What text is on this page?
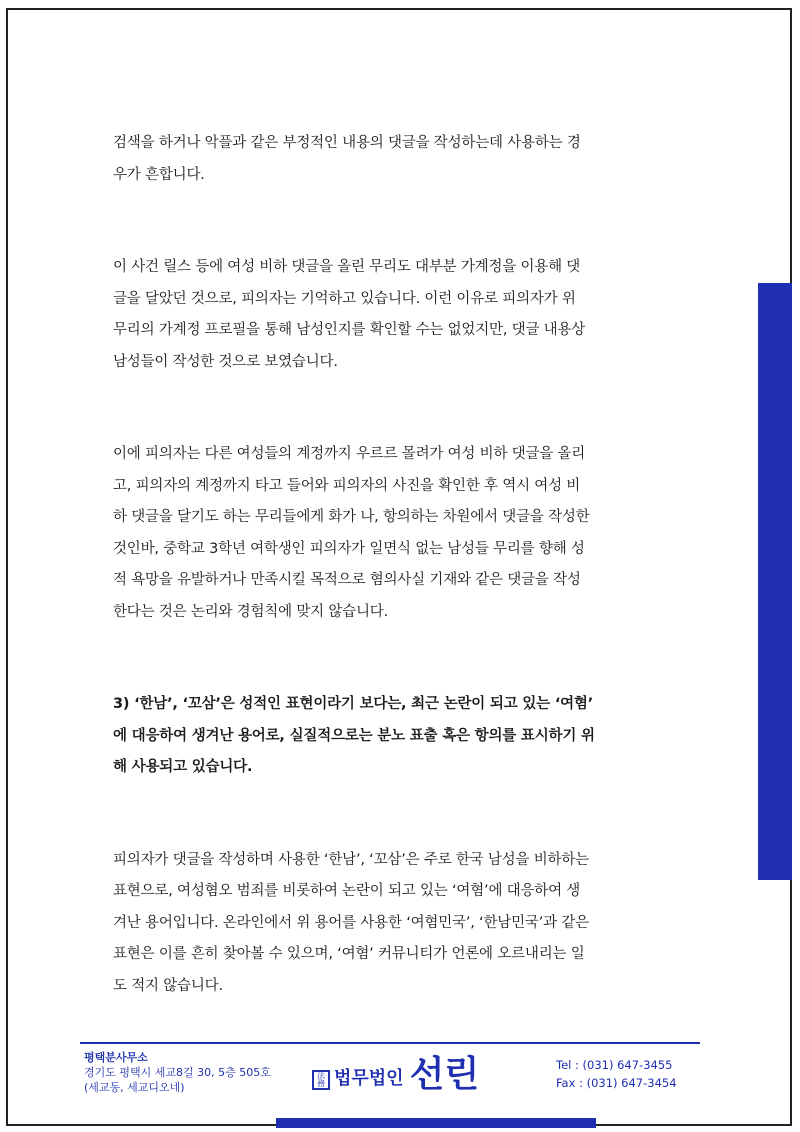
검색을 하거나 악플과 같은 부정적인 내용의 댓글을 작성하는데 사용하는 경

우가 흔합니다.

이 사건 릴스 등에 여성 비하 댓글을 올린 무리도 대부분 가계정을 이용해 댓

글을 달았던 것으로, 피의자는 기억하고 있습니다. 이런 이유로 피의자가 위

무리의 가계정 프로필을 통해 남성인지를 확인할 수는 없었지만, 댓글 내용상

남성들이 작성한 것으로 보였습니다.

이에 피의자는 다른 여성들의 계정까지 우르르 몰려가 여성 비하 댓글을 올리

고, 피의자의 계정까지 타고 들어와 피의자의 사진을 확인한 후 역시 여성 비

하 댓글을 달기도 하는 무리들에게 화가 나, 항의하는 차원에서 댓글을 작성한

것인바, 중학교 3학년 여학생인 피의자가 일면식 없는 남성들 무리를 향해 성

적 욕망을 유발하거나 만족시킬 목적으로 혐의사실 기재와 같은 댓글을 작성

한다는 것은 논리와 경험칙에 맞지 않습니다.

3) ‘한남’, ‘꼬삼’은 성적인 표현이라기 보다는, 최근 논란이 되고 있는 ‘여혐’

에 대응하여 생겨난 용어로, 실질적으로는 분노 표출 혹은 항의를 표시하기 위

해 사용되고 있습니다.

피의자가 댓글을 작성하며 사용한 ‘한남’, ‘꼬삼’은 주로 한국 남성을 비하하는

표현으로, 여성혐오 범죄를 비롯하여 논란이 되고 있는 ‘여혐’에 대응하여 생

겨난 용어입니다. 온라인에서 위 용어를 사용한 ‘여혐민국’, ‘한남민국’과 같은

표현은 이를 흔히 찾아볼 수 있으며, ‘여혐’ 커뮤니티가 언론에 오르내리는 일

도 적지 않습니다.

평택분사무소
경기도 평택시 세교8길 30, 5층 505호
(세교동, 세교디오네)
法務 법무법인 선린	Tel : (031) 647-3455
Fax : (031) 647-3454
